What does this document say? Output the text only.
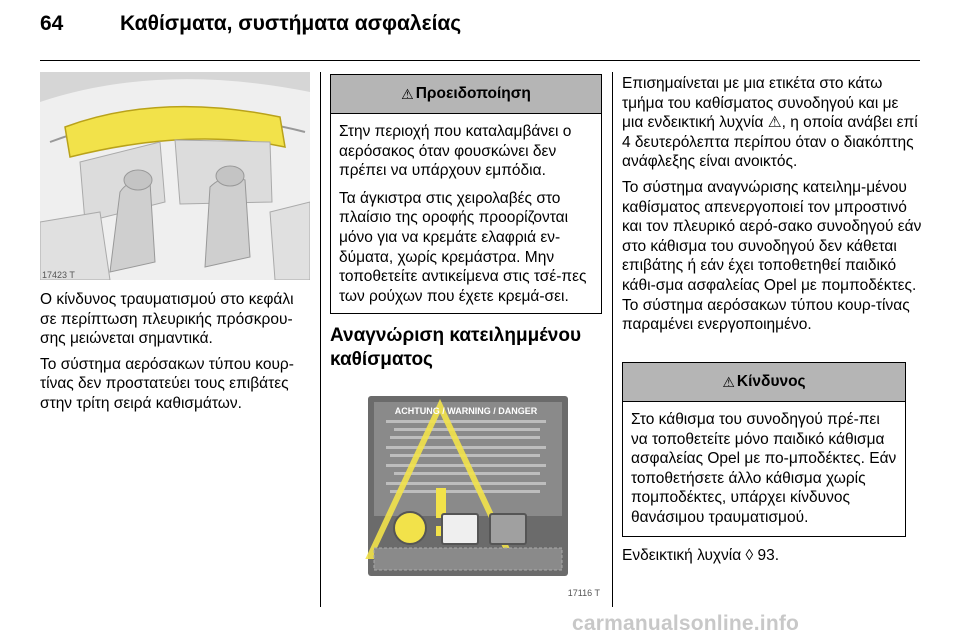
64	Καθίσματα, συστήματα ασφαλείας
17423 T

Ο κίνδυνος τραυματισμού στο κεφάλι σε περίπτωση πλευρικής πρόσκρου-σης μειώνεται σημαντικά.

Το σύστημα αερόσακων τύπου κουρ-τίνας δεν προστατεύει τους επιβάτες στην τρίτη σειρά καθισμάτων.

⚠ Προειδοποίηση

Στην περιοχή που καταλαμβάνει ο αερόσακος όταν φουσκώνει δεν πρέπει να υπάρχουν εμπόδια.

Τα άγκιστρα στις χειρολαβές στο πλαίσιο της οροφής προορίζονται μόνο για να κρεμάτε ελαφριά εν-δύματα, χωρίς κρεμάστρα. Μην τοποθετείτε αντικείμενα στις τσέ-πες των ρούχων που έχετε κρεμά-σει.

Αναγνώριση κατειλημμένου καθίσματος
ACHTUNG / WARNING / DANGER
17116 T

Επισημαίνεται με μια ετικέτα στο κάτω τμήμα του καθίσματος συνοδηγού και με μια ενδεικτική λυχνία ⚠, η οποία ανάβει επί 4 δευτερόλεπτα περίπου όταν ο διακόπτης ανάφλεξης είναι ανοικτός.

Το σύστημα αναγνώρισης κατειλημ-μένου καθίσματος απενεργοποιεί τον μπροστινό και τον πλευρικό αερό-σακο συνοδηγού εάν στο κάθισμα του συνοδηγού δεν κάθεται επιβάτης ή εάν έχει τοποθετηθεί παιδικό κάθι-σμα ασφαλείας Opel με πομποδέκτες. Το σύστημα αερόσακων τύπου κουρ-τίνας παραμένει ενεργοποιημένο.

⚠ Κίνδυνος

Στο κάθισμα του συνοδηγού πρέ-πει να τοποθετείτε μόνο παιδικό κάθισμα ασφαλείας Opel με πο-μποδέκτες. Εάν τοποθετήσετε άλλο κάθισμα χωρίς πομποδέκτες, υπάρχει κίνδυνος θανάσιμου τραυματισμού.

Ενδεικτική λυχνία ◊ 93.

carmanualsonline.info
